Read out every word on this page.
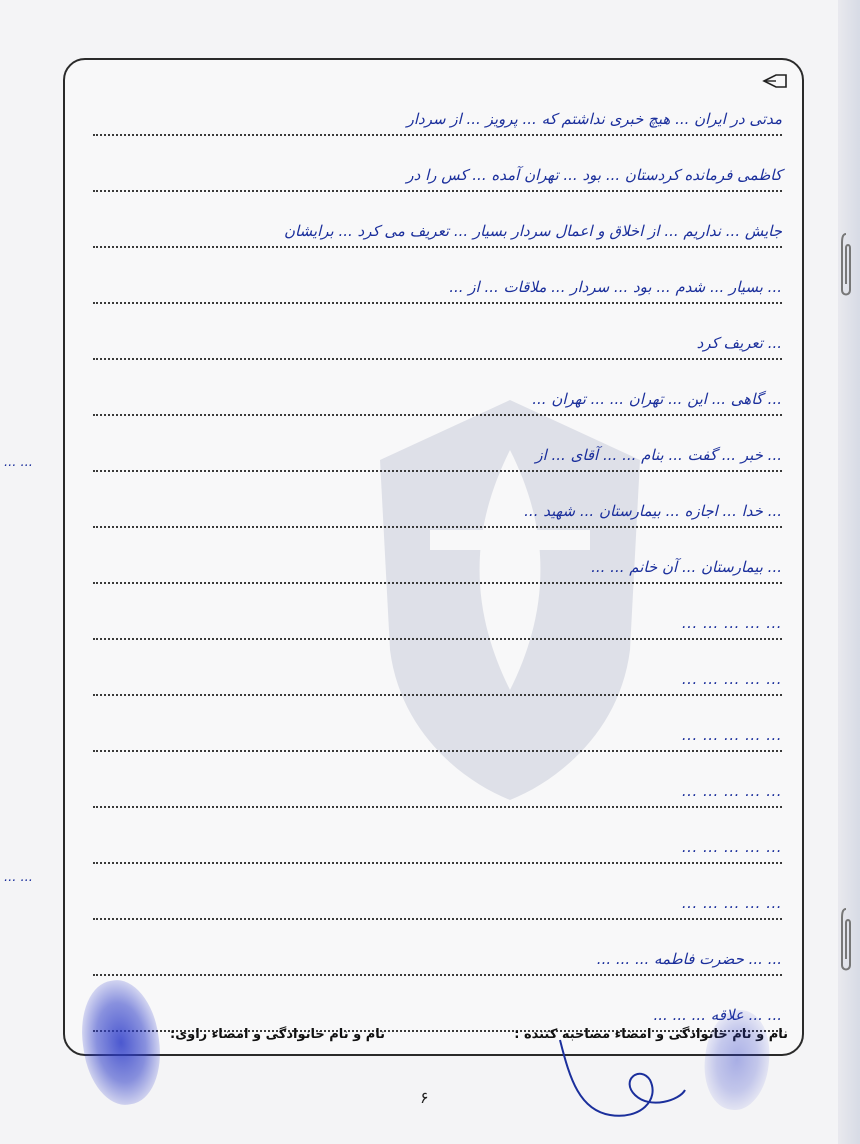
مدتی در ایران ... هیچ خبری نداشتم که ... پرویز ... از سردار
کاظمی فرمانده کردستان ... بود ... تهران آمده ... کس را در
جایش ... نداریم ... از اخلاق و اعمال سردار بسیار ... تعریف می کرد ... برایشان
... بسیار ... شدم ... بود ... سردار ... ملاقات ... از ...
... تعریف کرد
... گاهی ... این ... تهران ... ... تهران ...
... خبر ... گفت ... بنام ... ... آقای ... از
... خدا ... اجازه ... بیمارستان ... شهید ...
... بیمارستان ... آن خانم ... ...
... ... ... ... ...
... ... ... ... ...
... ... ... ... ...
... ... ... ... ...
... ... ... ... ...
... ... ... ... ...
... ... حضرت فاطمه ... ... ...
... ... علاقه ... ... ...
نام و نام خانوادگی و امضاء مصاحبه کننده :
نام و نام خانوادگی و امضاء راوی:
... ...
... ...
۶
